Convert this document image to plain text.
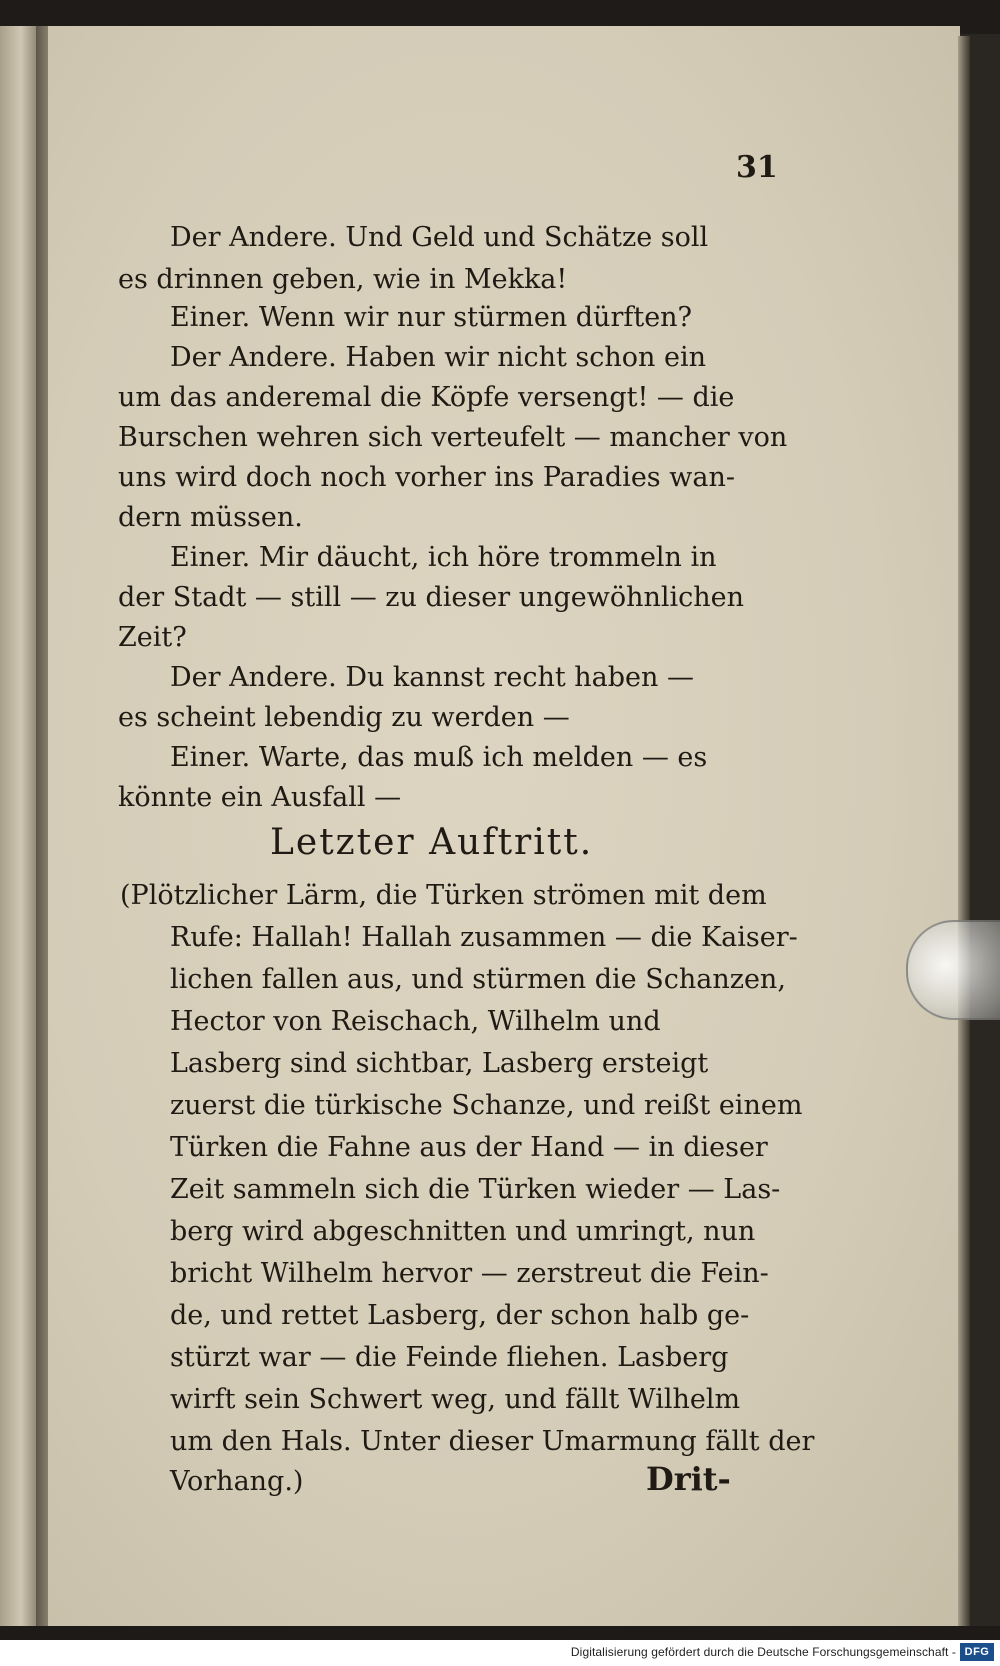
31
Der Andere. Und Geld und Schätze soll
es drinnen geben, wie in Mekka!
Einer. Wenn wir nur stürmen dürften?
Der Andere. Haben wir nicht schon ein
um das anderemal die Köpfe versengt! — die
Burschen wehren sich verteufelt — mancher von
uns wird doch noch vorher ins Paradies wan-
dern müssen.
Einer. Mir däucht, ich höre trommeln in
der Stadt — still — zu dieser ungewöhnlichen
Zeit?
Der Andere. Du kannst recht haben —
es scheint lebendig zu werden —
Einer. Warte, das muß ich melden — es
könnte ein Ausfall —
Letzter Auftritt.
(Plötzlicher Lärm, die Türken strömen mit dem
Rufe: Hallah! Hallah zusammen — die Kaiser-
lichen fallen aus, und stürmen die Schanzen,
Hector von Reischach, Wilhelm und
Lasberg sind sichtbar, Lasberg ersteigt
zuerst die türkische Schanze, und reißt einem
Türken die Fahne aus der Hand — in dieser
Zeit sammeln sich die Türken wieder — Las-
berg wird abgeschnitten und umringt, nun
bricht Wilhelm hervor — zerstreut die Fein-
de, und rettet Lasberg, der schon halb ge-
stürzt war — die Feinde fliehen. Lasberg
wirft sein Schwert weg, und fällt Wilhelm
um den Hals. Unter dieser Umarmung fällt der
Vorhang.)	Drit-
Digitalisierung gefördert durch die Deutsche Forschungsgemeinschaft - DFG
